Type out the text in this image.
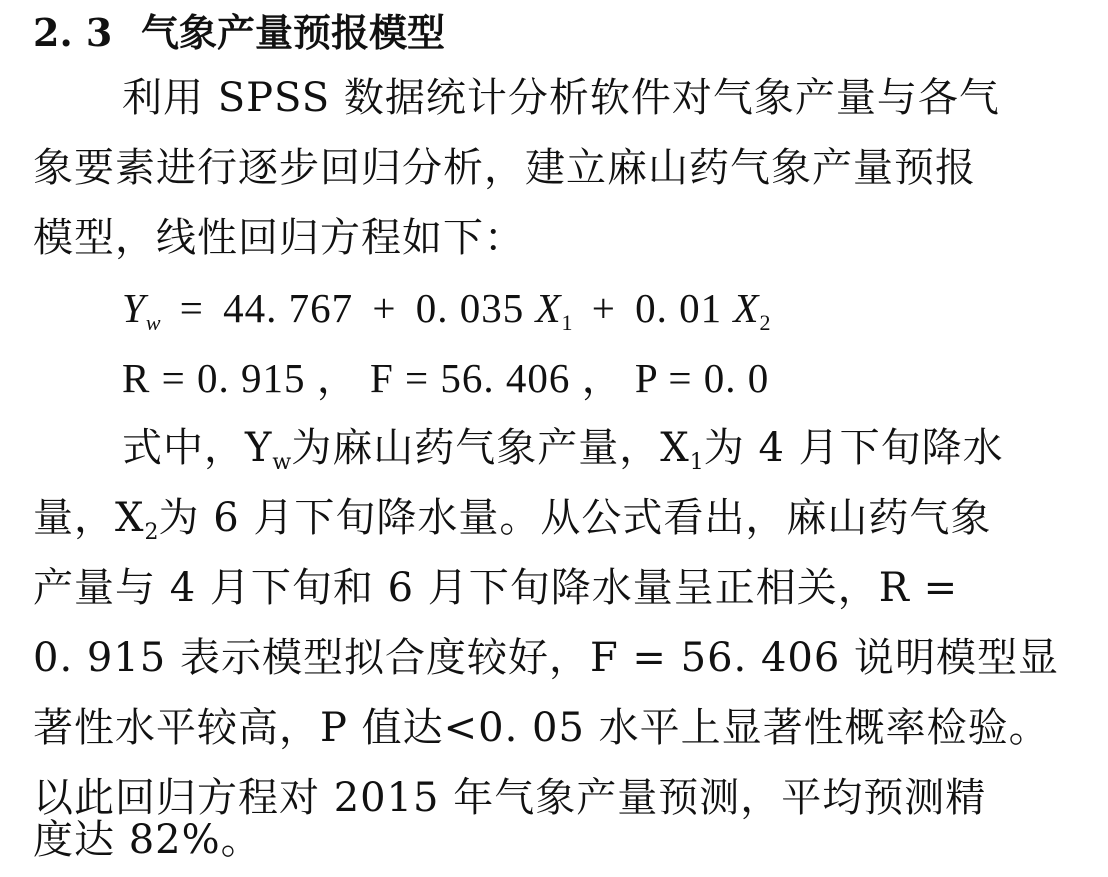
2. 3 气象产量预报模型
利用 SPSS 数据统计分析软件对气象产量与各气
象要素进行逐步回归分析，建立麻山药气象产量预报
模型，线性回归方程如下：
$Y_w = 44$. 767 + 0. 035 $X_1 + 0$. 01 $X_2$
R = 0. 915 ， F = 56. 406 ， P = 0. 0
式中，$Y_w$为麻山药气象产量，$X_1$为 4 月下旬降水
量，$X_2$为 6 月下旬降水量。从公式看出，麻山药气象
产量与 4 月下旬和 6 月下旬降水量呈正相关，R =
0. 915 表示模型拟合度较好，F = 56. 406 说明模型显
著性水平较高，P 值达<0. 05 水平上显著性概率检验。
以此回归方程对 2015 年气象产量预测，平均预测精
度达 82%。
